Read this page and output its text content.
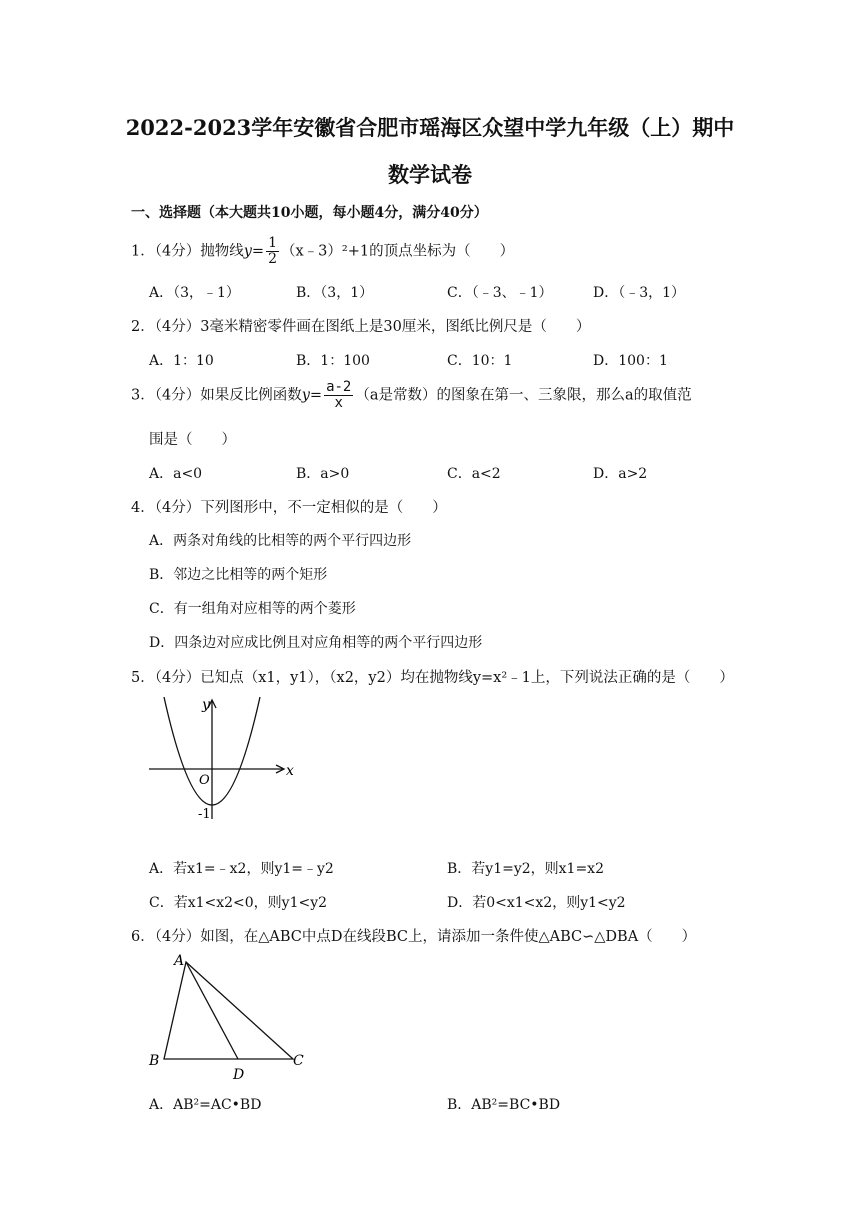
2022-2023学年安徽省合肥市瑶海区众望中学九年级（上）期中
数学试卷
一、选择题（本大题共10小题，每小题4分，满分40分）
1．（4分）抛物线$y= \frac{1}{2}$ （x﹣3）²+1的顶点坐标为（　　）
A．（3，﹣1）	B．（3，1）	C．（﹣3、﹣1）	D．（﹣3，1）
2．（4分）3毫米精密零件画在图纸上是30厘米，图纸比例尺是（　　）
A．1：10	B．1：100	C．10：1	D．100：1
3．（4分）如果反比例函数$y= \frac{a-2}{x} (a$是常数）的图象在第一、三象限，那么a的取值范
围是（　　）
A．a<0	B．a>0	C．a<2	D．a>2
4．（4分）下列图形中，不一定相似的是（　　）
A．两条对角线的比相等的两个平行四边形
B．邻边之比相等的两个矩形
C．有一组角对应相等的两个菱形
D．四条边对应成比例且对应角相等的两个平行四边形
5．（4分）已知点（x1，y1），（x2，y2）均在抛物线y=x²﹣1上，下列说法正确的是（　　）
y
x
O
-1
A．若x1=﹣x2，则y1=﹣y2	B．若y1=y2，则x1=x2
C．若x1<x2<0，则y1<y2	D．若0<x1<x2，则y1<y2
6．（4分）如图，在△ABC中点D在线段BC上，请添加一条件使△ABC∽△DBA（　　）
A
B	C
D
A．AB²=AC•BD	B．AB²=BC•BD
